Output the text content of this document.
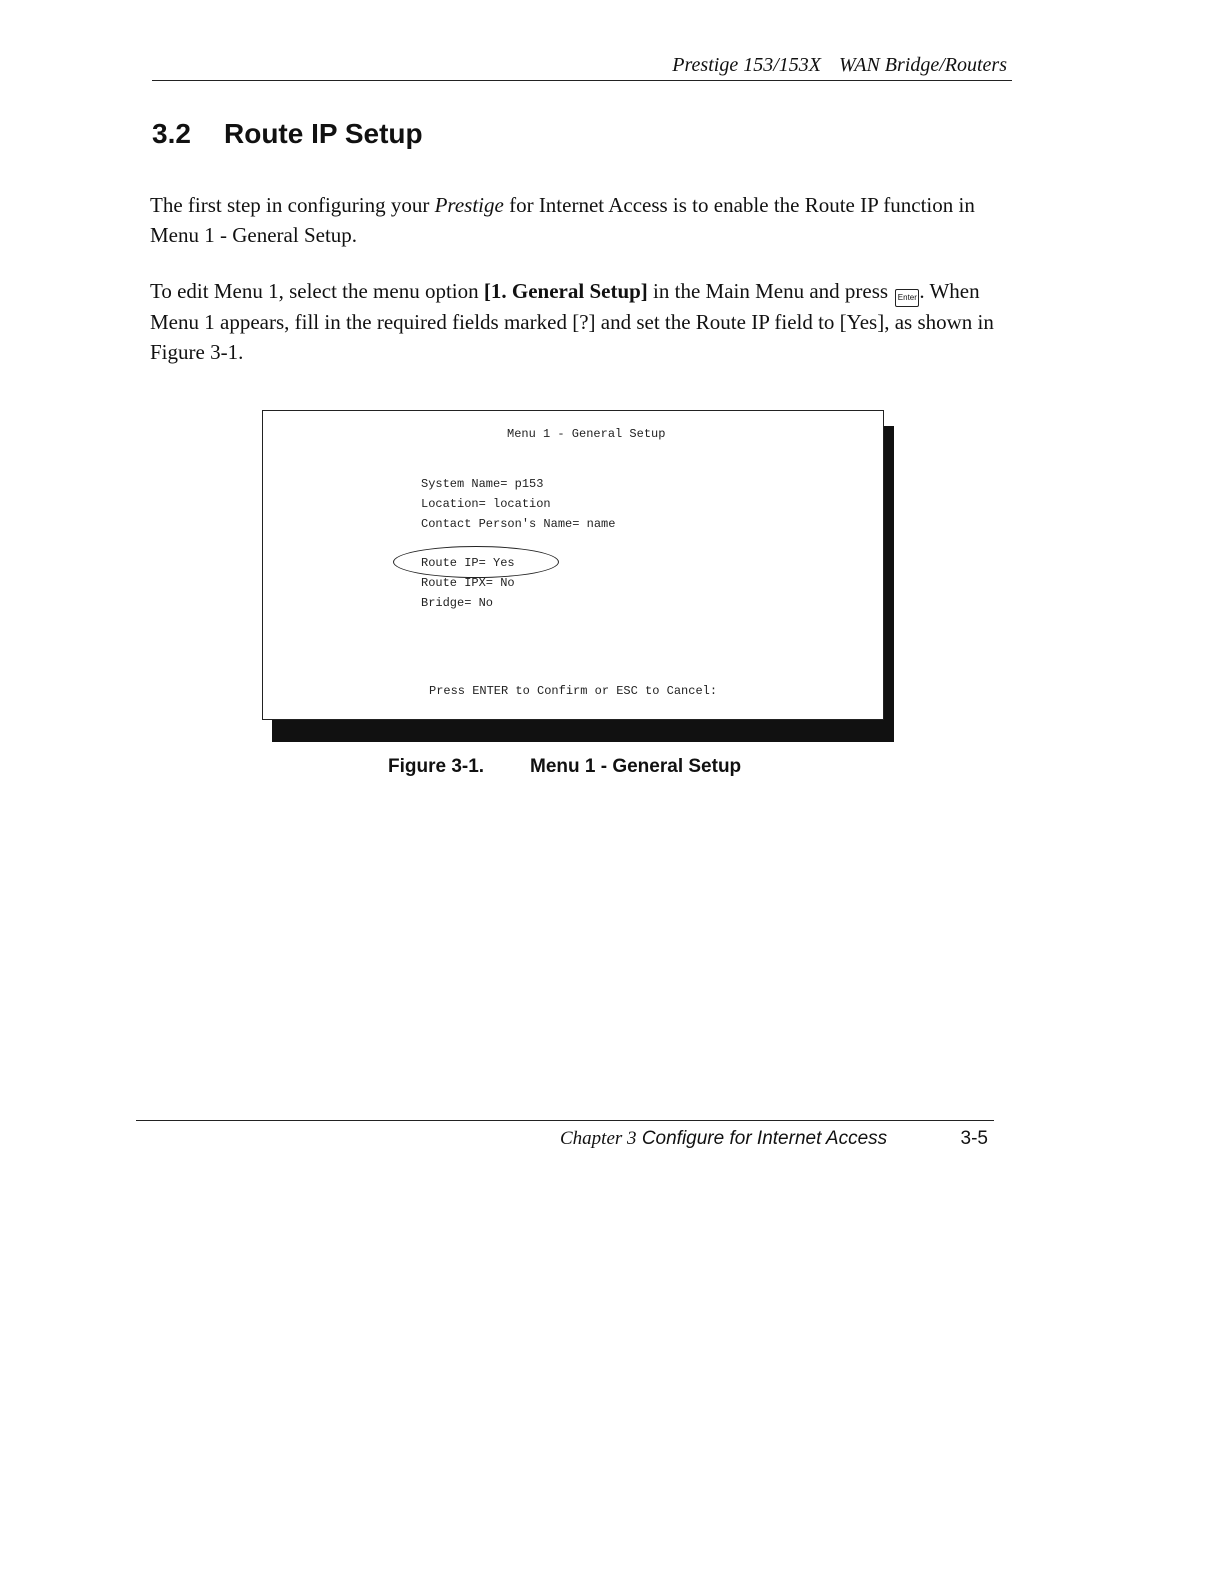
Prestige 153/153X WAN Bridge/Routers
3.2 Route IP Setup
The first step in configuring your Prestige for Internet Access is to enable the Route IP function in Menu 1 - General Setup.
To edit Menu 1, select the menu option [1. General Setup] in the Main Menu and press Enter . When Menu 1 appears, fill in the required fields marked [?] and set the Route IP field to [Yes], as shown in Figure 3-1.
Menu 1 - General Setup
System Name= p153
Location= location
Contact Person's Name= name
Route IP= Yes
Route IPX= No
Bridge= No
Press ENTER to Confirm or ESC to Cancel:
Figure 3-1. Menu 1 - General Setup
Chapter 3 Configure for Internet Access	3-5
